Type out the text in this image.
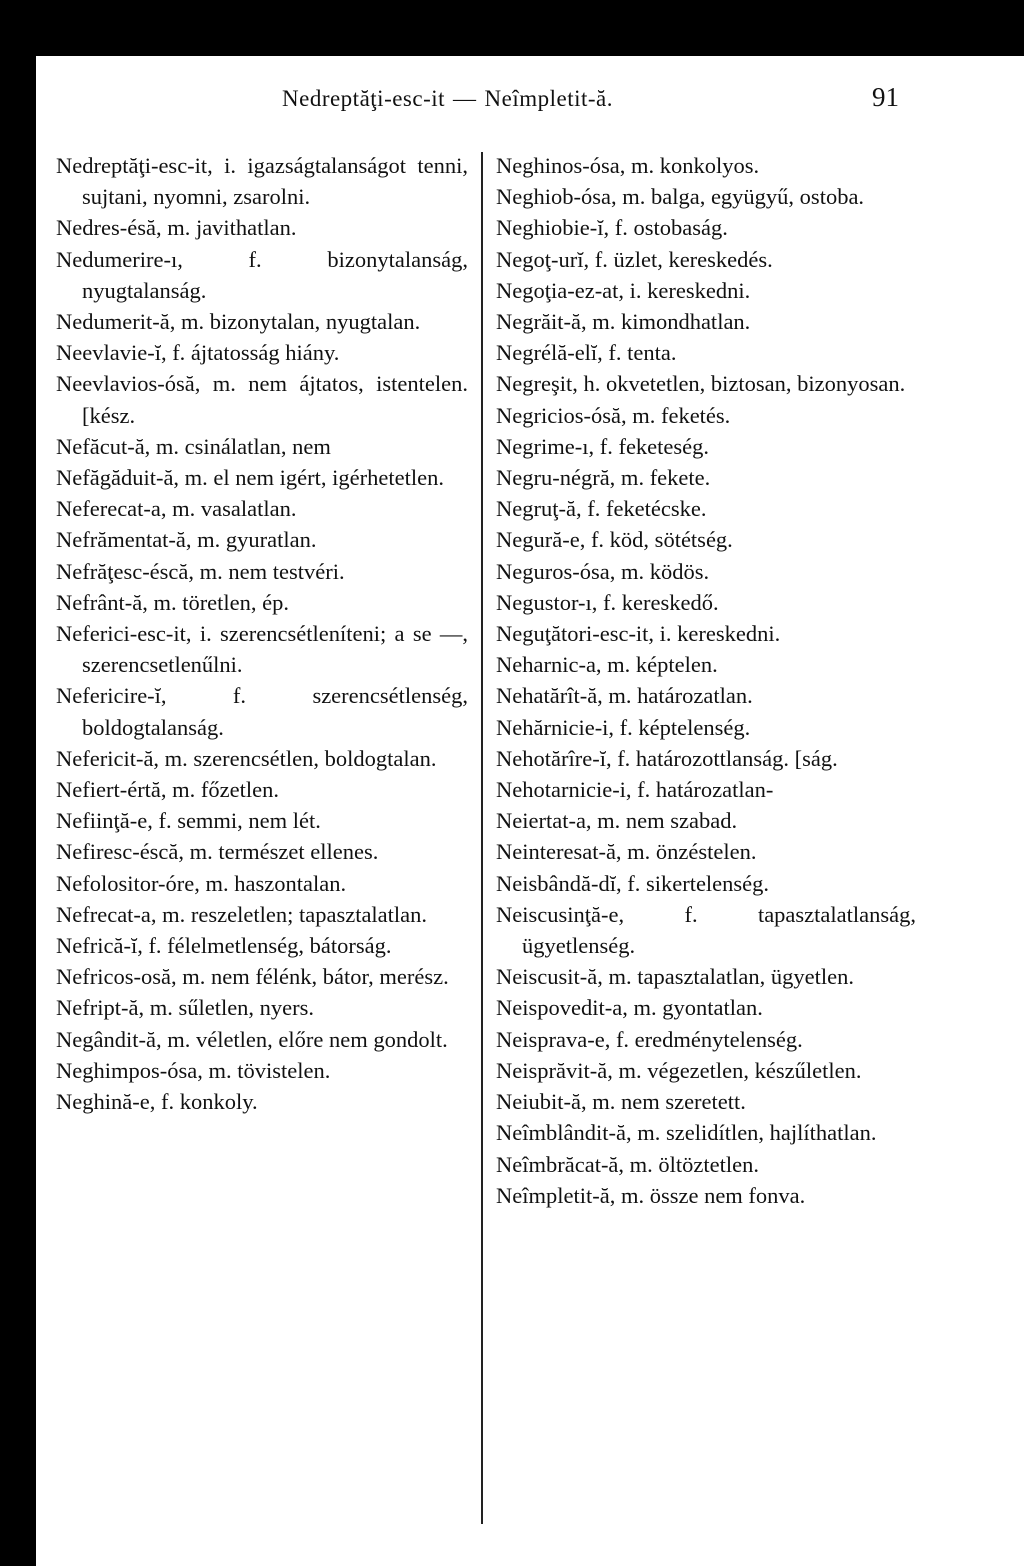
Nedreptăţi-esc-it — Neîmpletit-ă.	91

Nedreptăţi-esc-it, i. igazságtalanságot tenni, sujtani, nyomni, zsarolni.

Nedres-ésă, m. javithatlan.

Nedumerire-ı, f. bizonytalanság, nyugtalanság.

Nedumerit-ă, m. bizonytalan, nyugtalan.

Neevlavie-ĭ, f. ájtatosság hiány.

Neevlavios-ósă, m. nem ájtatos, istentelen. [kész.

Nefăcut-ă, m. csinálatlan, nem

Nefăgăduit-ă, m. el nem igért, igérhetetlen.

Neferecat-a, m. vasalatlan.

Nefrămentat-ă, m. gyuratlan.

Nefrăţesc-éscă, m. nem testvéri.

Nefrânt-ă, m. töretlen, ép.

Neferici-esc-it, i. szerencsétleníteni; a se —, szerencsetlenűlni.

Nefericire-ĭ, f. szerencsétlenség, boldogtalanság.

Nefericit-ă, m. szerencsétlen, boldogtalan.

Nefiert-értă, m. főzetlen.

Nefiinţă-e, f. semmi, nem lét.

Nefiresc-éscă, m. természet ellenes.

Nefolositor-óre, m. haszontalan.

Nefrecat-a, m. reszeletlen; tapasztalatlan.

Nefrică-ĭ, f. félelmetlenség, bátorság.

Nefricos-osă, m. nem félénk, bátor, merész.

Nefript-ă, m. sűletlen, nyers.

Negândit-ă, m. véletlen, előre nem gondolt.

Neghimpos-ósa, m. tövistelen.

Neghină-e, f. konkoly.

Neghinos-ósa, m. konkolyos.

Neghiob-ósa, m. balga, együgyű, ostoba.

Neghiobie-ĭ, f. ostobaság.

Negoţ-urĭ, f. üzlet, kereskedés.

Negoţia-ez-at, i. kereskedni.

Negrăit-ă, m. kimondhatlan.

Negrélă-elĭ, f. tenta.

Negreşit, h. okvetetlen, biztosan, bizonyosan.

Negricios-ósă, m. feketés.

Negrime-ı, f. feketeség.

Negru-négră, m. fekete.

Negruţ-ă, f. feketécske.

Negură-e, f. köd, sötétség.

Neguros-ósa, m. ködös.

Negustor-ı, f. kereskedő.

Neguţători-esc-it, i. kereskedni.

Neharnic-a, m. képtelen.

Nehatărît-ă, m. határozatlan.

Nehărnicie-i, f. képtelenség.

Nehotărîre-ĭ, f. határozottlanság. [ság.

Nehotarnicie-i, f. határozatlan-

Neiertat-a, m. nem szabad.

Neinteresat-ă, m. önzéstelen.

Neisbândă-dĭ, f. sikertelenség.

Neiscusinţă-e, f. tapasztalatlanság, ügyetlenség.

Neiscusit-ă, m. tapasztalatlan, ügyetlen.

Neispovedit-a, m. gyontatlan.

Neisprava-e, f. eredménytelenség.

Neisprăvit-ă, m. végezetlen, készűletlen.

Neiubit-ă, m. nem szeretett.

Neîmblândit-ă, m. szelidítlen, hajlíthatlan.

Neîmbrăcat-ă, m. öltöztetlen.

Neîmpletit-ă, m. össze nem fonva.
